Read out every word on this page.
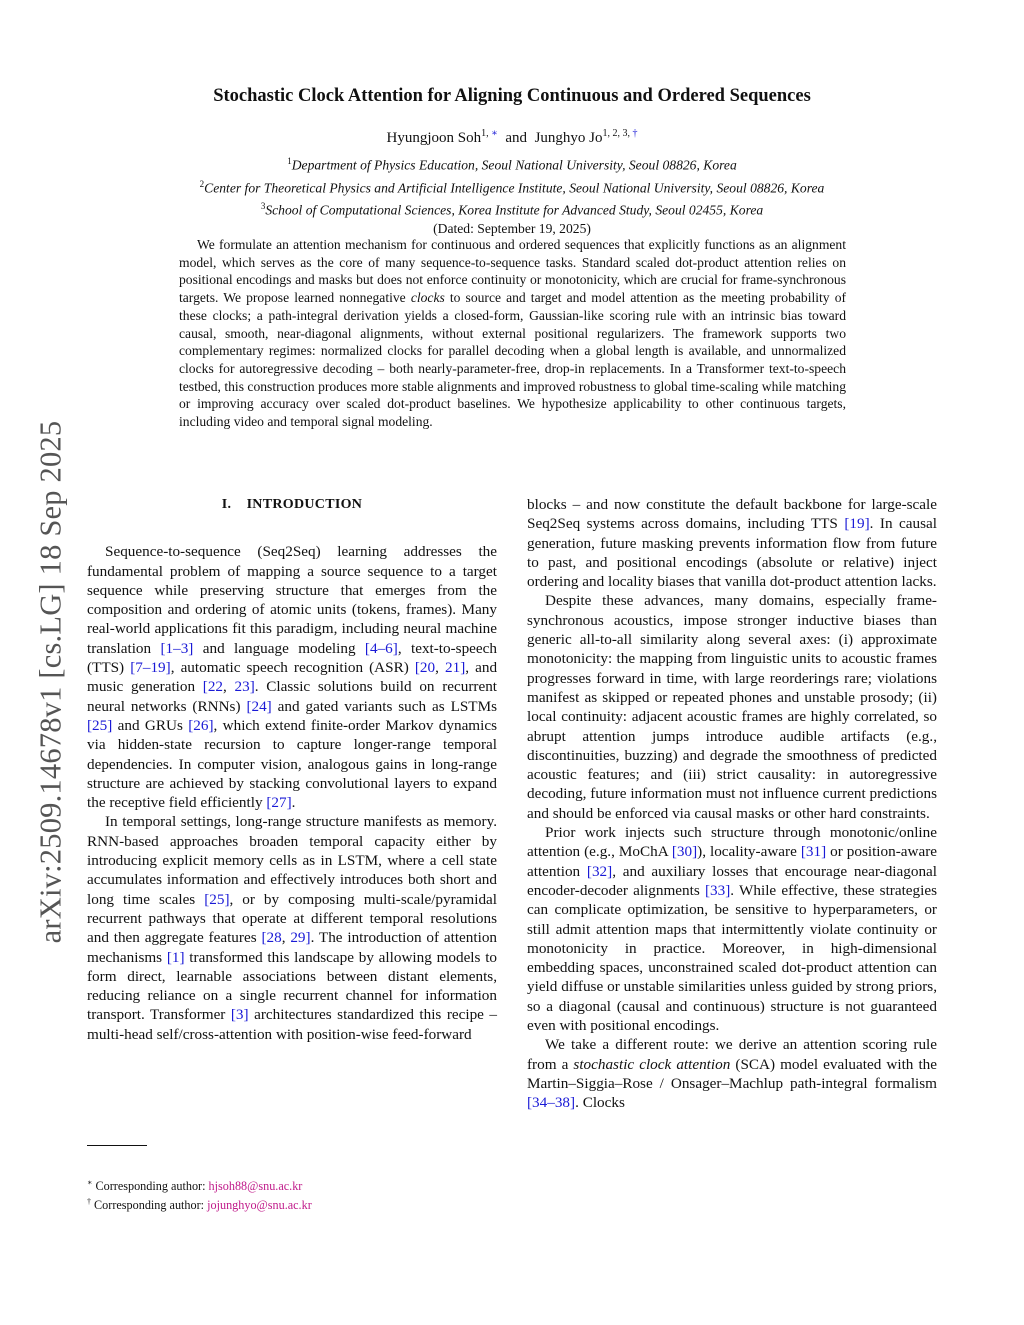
arXiv:2509.14678v1 [cs.LG] 18 Sep 2025
Stochastic Clock Attention for Aligning Continuous and Ordered Sequences
Hyungjoon Soh$^{1, ∗}$ and Junghyo $Jo^{1, 2, 3, \dagger}$
$^1$Department of Physics Education, Seoul National University, Seoul 08826, Korea
$^2$Center for Theoretical Physics and Artificial Intelligence Institute, Seoul National University, Seoul 08826, Korea
$^3$School of Computational Sciences, Korea Institute for Advanced Study, Seoul 02455, Korea
(Dated: September 19, 2025)

We formulate an attention mechanism for continuous and ordered sequences that explicitly functions as an alignment model, which serves as the core of many sequence-to-sequence tasks. Standard scaled dot-product attention relies on positional encodings and masks but does not enforce continuity or monotonicity, which are crucial for frame-synchronous targets. We propose learned nonnegative clocks to source and target and model attention as the meeting probability of these clocks; a path-integral derivation yields a closed-form, Gaussian-like scoring rule with an intrinsic bias toward causal, smooth, near-diagonal alignments, without external positional regularizers. The framework supports two complementary regimes: normalized clocks for parallel decoding when a global length is available, and unnormalized clocks for autoregressive decoding – both nearly-parameter-free, drop-in replacements. In a Transformer text-to-speech testbed, this construction produces more stable alignments and improved robustness to global time-scaling while matching or improving accuracy over scaled dot-product baselines. We hypothesize applicability to other continuous targets, including video and temporal signal modeling.

I. INTRODUCTION

Sequence-to-sequence (Seq2Seq) learning addresses the fundamental problem of mapping a source sequence to a target sequence while preserving structure that emerges from the composition and ordering of atomic units (tokens, frames). Many real-world applications fit this paradigm, including neural machine translation [1–3] and language modeling [4–6], text-to-speech (TTS) [7–19], automatic speech recognition (ASR) [20, 21], and music generation [22, 23]. Classic solutions build on recurrent neural networks (RNNs) [24] and gated variants such as LSTMs [25] and GRUs [26], which extend finite-order Markov dynamics via hidden-state recursion to capture longer-range temporal dependencies. In computer vision, analogous gains in long-range structure are achieved by stacking convolutional layers to expand the receptive field efficiently [27].

In temporal settings, long-range structure manifests as memory. RNN-based approaches broaden temporal capacity either by introducing explicit memory cells as in LSTM, where a cell state accumulates information and effectively introduces both short and long time scales [25], or by composing multi-scale/pyramidal recurrent pathways that operate at different temporal resolutions and then aggregate features [28, 29]. The introduction of attention mechanisms [1] transformed this landscape by allowing models to form direct, learnable associations between distant elements, reducing reliance on a single recurrent channel for information transport. Transformer [3] architectures standardized this recipe – multi-head self/cross-attention with position-wise feed-forward

blocks – and now constitute the default backbone for large-scale Seq2Seq systems across domains, including TTS [19]. In causal generation, future masking prevents information flow from future to past, and positional encodings (absolute or relative) inject ordering and locality biases that vanilla dot-product attention lacks.

Despite these advances, many domains, especially frame-synchronous acoustics, impose stronger inductive biases than generic all-to-all similarity along several axes: (i) approximate monotonicity: the mapping from linguistic units to acoustic frames progresses forward in time, with large reorderings rare; violations manifest as skipped or repeated phones and unstable prosody; (ii) local continuity: adjacent acoustic frames are highly correlated, so abrupt attention jumps introduce audible artifacts (e.g., discontinuities, buzzing) and degrade the smoothness of predicted acoustic features; and (iii) strict causality: in autoregressive decoding, future information must not influence current predictions and should be enforced via causal masks or other hard constraints.

Prior work injects such structure through monotonic/online attention (e.g., MoChA [30]), locality-aware [31] or position-aware attention [32], and auxiliary losses that encourage near-diagonal encoder-decoder alignments [33]. While effective, these strategies can complicate optimization, be sensitive to hyperparameters, or still admit attention maps that intermittently violate continuity or monotonicity in practice. Moreover, in high-dimensional embedding spaces, unconstrained scaled dot-product attention can yield diffuse or unstable similarities unless guided by strong priors, so a diagonal (causal and continuous) structure is not guaranteed even with positional encodings.

We take a different route: we derive an attention scoring rule from a stochastic clock attention (SCA) model evaluated with the Martin–Siggia–Rose / Onsager–Machlup path-integral formalism [34–38]. Clocks

∗ Corresponding author: hjsoh88@snu.ac.kr
† Corresponding author: jojunghyo@snu.ac.kr
